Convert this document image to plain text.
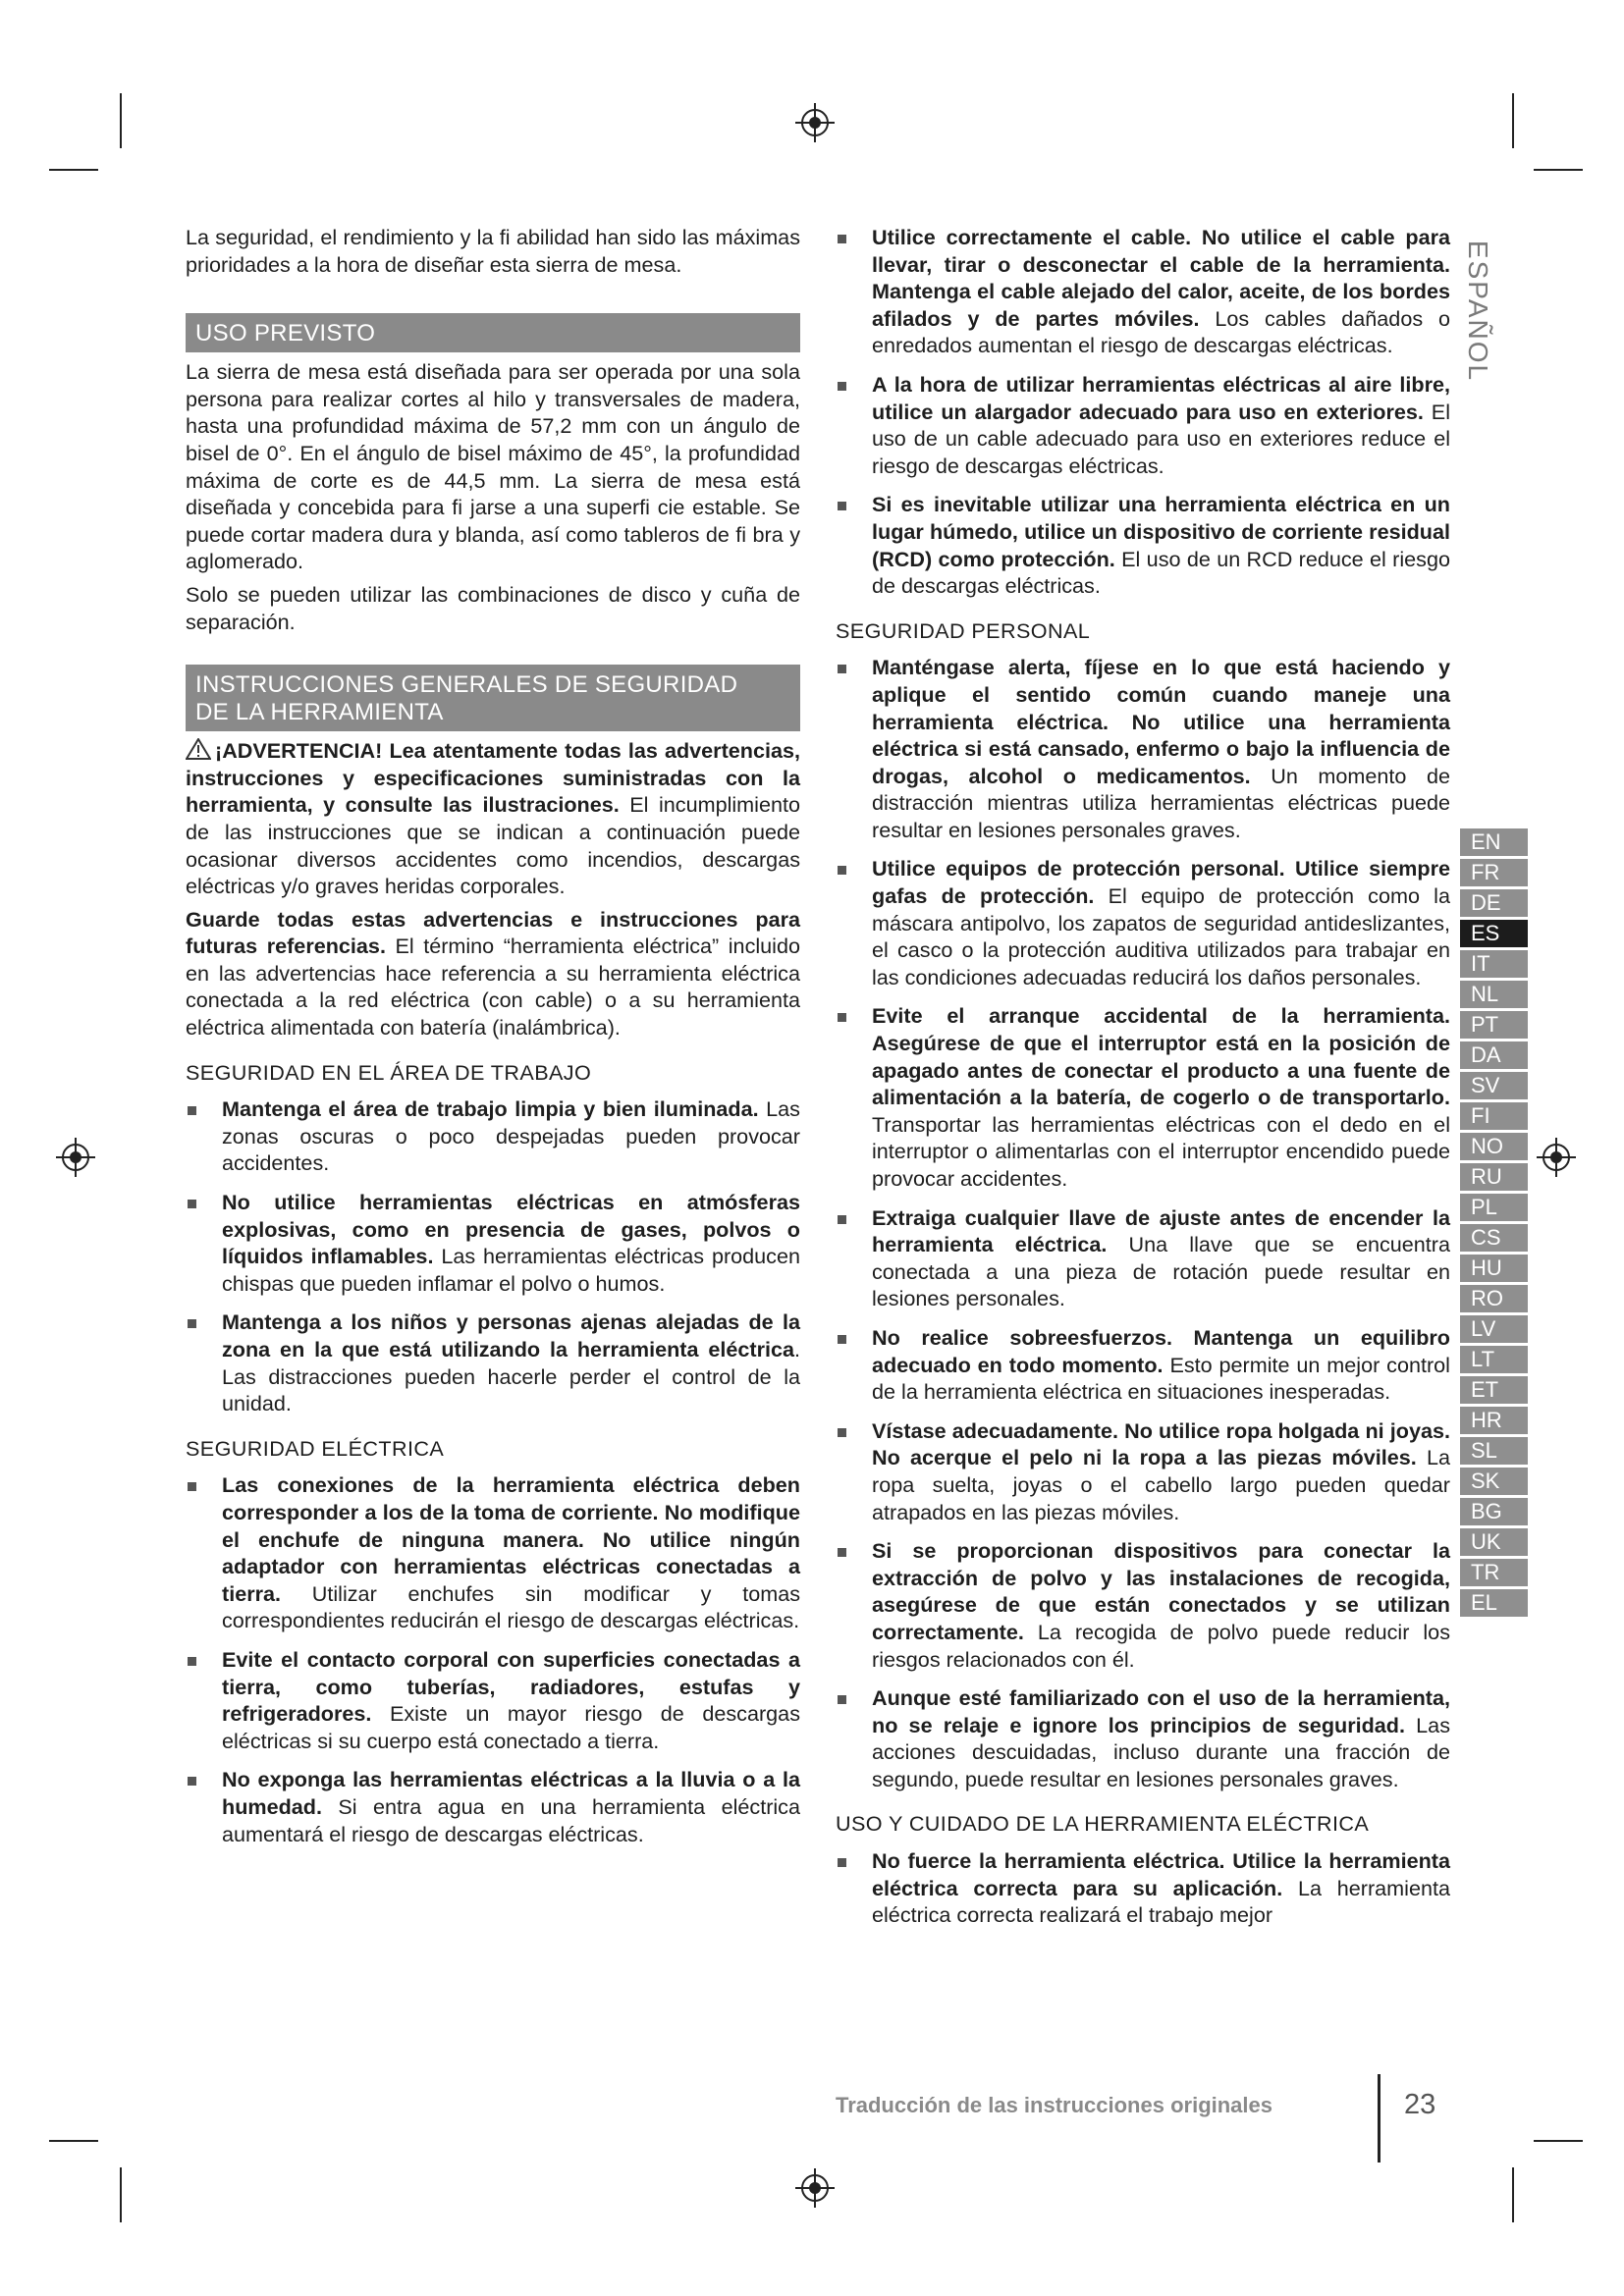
La seguridad, el rendimiento y la fi abilidad han sido las máximas prioridades a la hora de diseñar esta sierra de mesa.

USO PREVISTO

La sierra de mesa está diseñada para ser operada por una sola persona para realizar cortes al hilo y transversales de madera, hasta una profundidad máxima de 57,2 mm con un ángulo de bisel de 0°. En el ángulo de bisel máximo de 45°, la profundidad máxima de corte es de 44,5 mm. La sierra de mesa está diseñada y concebida para fi jarse a una superfi cie estable. Se puede cortar madera dura y blanda, así como tableros de fi bra y aglomerado.

Solo se pueden utilizar las combinaciones de disco y cuña de separación.

INSTRUCCIONES GENERALES DE SEGURIDAD
DE LA HERRAMIENTA

¡ADVERTENCIA! Lea atentamente todas las advertencias, instrucciones y especificaciones suministradas con la herramienta, y consulte las ilustraciones. El incumplimiento de las instrucciones que se indican a continuación puede ocasionar diversos accidentes como incendios, descargas eléctricas y/o graves heridas corporales.

Guarde todas estas advertencias e instrucciones para futuras referencias. El término “herramienta eléctrica” incluido en las advertencias hace referencia a su herramienta eléctrica conectada a la red eléctrica (con cable) o a su herramienta eléctrica alimentada con batería (inalámbrica).

SEGURIDAD EN EL ÁREA DE TRABAJO
Mantenga el área de trabajo limpia y bien iluminada. Las zonas oscuras o poco despejadas pueden provocar accidentes.
No utilice herramientas eléctricas en atmósferas explosivas, como en presencia de gases, polvos o líquidos inflamables. Las herramientas eléctricas producen chispas que pueden inflamar el polvo o humos.
Mantenga a los niños y personas ajenas alejadas de la zona en la que está utilizando la herramienta eléctrica. Las distracciones pueden hacerle perder el control de la unidad.
SEGURIDAD ELÉCTRICA
Las conexiones de la herramienta eléctrica deben corresponder a los de la toma de corriente. No modifique el enchufe de ninguna manera. No utilice ningún adaptador con herramientas eléctricas conectadas a tierra. Utilizar enchufes sin modificar y tomas correspondientes reducirán el riesgo de descargas eléctricas.
Evite el contacto corporal con superficies conectadas a tierra, como tuberías, radiadores, estufas y refrigeradores. Existe un mayor riesgo de descargas eléctricas si su cuerpo está conectado a tierra.
No exponga las herramientas eléctricas a la lluvia o a la humedad. Si entra agua en una herramienta eléctrica aumentará el riesgo de descargas eléctricas.
Utilice correctamente el cable. No utilice el cable para llevar, tirar o desconectar el cable de la herramienta. Mantenga el cable alejado del calor, aceite, de los bordes afilados y de partes móviles. Los cables dañados o enredados aumentan el riesgo de descargas eléctricas.
A la hora de utilizar herramientas eléctricas al aire libre, utilice un alargador adecuado para uso en exteriores. El uso de un cable adecuado para uso en exteriores reduce el riesgo de descargas eléctricas.
Si es inevitable utilizar una herramienta eléctrica en un lugar húmedo, utilice un dispositivo de corriente residual (RCD) como protección. El uso de un RCD reduce el riesgo de descargas eléctricas.
SEGURIDAD PERSONAL
Manténgase alerta, fíjese en lo que está haciendo y aplique el sentido común cuando maneje una herramienta eléctrica. No utilice una herramienta eléctrica si está cansado, enfermo o bajo la influencia de drogas, alcohol o medicamentos. Un momento de distracción mientras utiliza herramientas eléctricas puede resultar en lesiones personales graves.
Utilice equipos de protección personal. Utilice siempre gafas de protección. El equipo de protección como la máscara antipolvo, los zapatos de seguridad antideslizantes, el casco o la protección auditiva utilizados para trabajar en las condiciones adecuadas reducirá los daños personales.
Evite el arranque accidental de la herramienta. Asegúrese de que el interruptor está en la posición de apagado antes de conectar el producto a una fuente de alimentación a la batería, de cogerlo o de transportarlo. Transportar las herramientas eléctricas con el dedo en el interruptor o alimentarlas con el interruptor encendido puede provocar accidentes.
Extraiga cualquier llave de ajuste antes de encender la herramienta eléctrica. Una llave que se encuentra conectada a una pieza de rotación puede resultar en lesiones personales.
No realice sobreesfuerzos. Mantenga un equilibro adecuado en todo momento. Esto permite un mejor control de la herramienta eléctrica en situaciones inesperadas.
Vístase adecuadamente. No utilice ropa holgada ni joyas. No acerque el pelo ni la ropa a las piezas móviles. La ropa suelta, joyas o el cabello largo pueden quedar atrapados en las piezas móviles.
Si se proporcionan dispositivos para conectar la extracción de polvo y las instalaciones de recogida, asegúrese de que están conectados y se utilizan correctamente. La recogida de polvo puede reducir los riesgos relacionados con él.
Aunque esté familiarizado con el uso de la herramienta, no se relaje e ignore los principios de seguridad. Las acciones descuidadas, incluso durante una fracción de segundo, puede resultar en lesiones personales graves.
USO Y CUIDADO DE LA HERRAMIENTA ELÉCTRICA
No fuerce la herramienta eléctrica. Utilice la herramienta eléctrica correcta para su aplicación. La herramienta eléctrica correcta realizará el trabajo mejor
ESPAÑOL
EN
FR
DE
ES
IT
NL
PT
DA
SV
FI
NO
RU
PL
CS
HU
RO
LV
LT
ET
HR
SL
SK
BG
UK
TR
EL
Traducción de las instrucciones originales	23
